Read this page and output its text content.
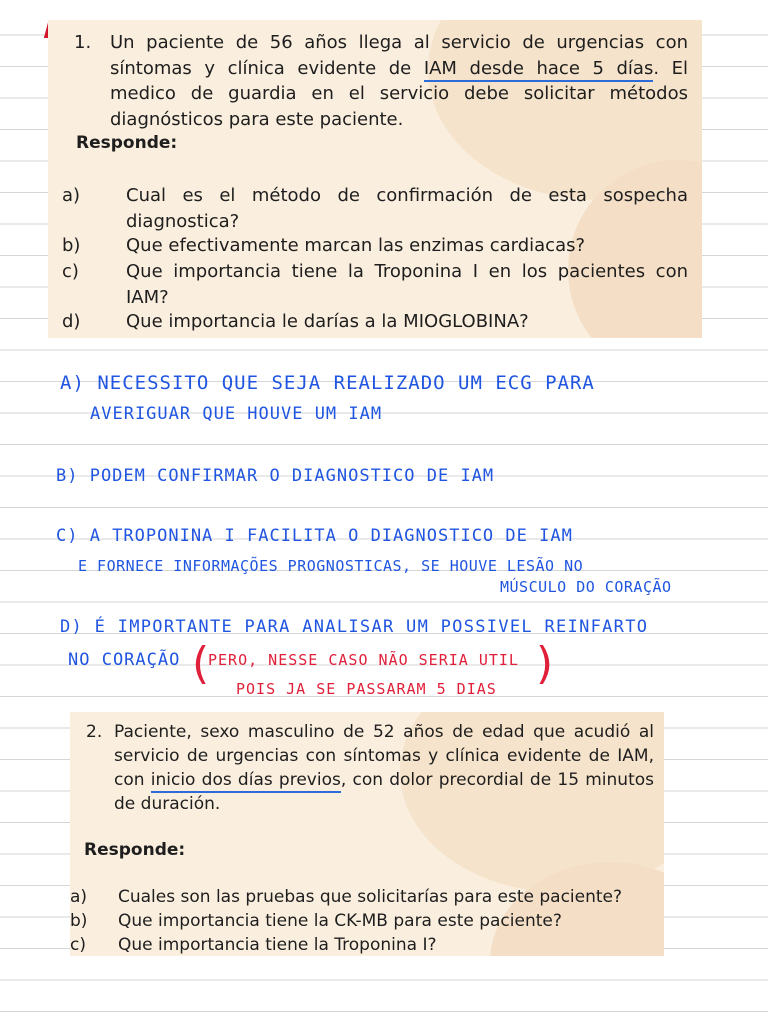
1.	Un paciente de 56 años llega al servicio de urgencias con síntomas y clínica evidente de IAM desde hace 5 días. El medico de guardia en el servicio debe solicitar métodos diagnósticos para este paciente.
Responde:
a)	Cual es el método de confirmación de esta sospecha diagnostica?
b)	Que efectivamente marcan las enzimas cardiacas?
c)	Que importancia tiene la Troponina I en los pacientes con IAM?
d)	Que importancia le darías a la MIOGLOBINA?
A) NECESSITO QUE SEJA REALIZADO UM ECG PARA
AVERIGUAR QUE HOUVE UM IAM
B) PODEM CONFIRMAR O DIAGNOSTICO DE IAM
C) A TROPONINA I FACILITA O DIAGNOSTICO DE IAM
E FORNECE INFORMAÇÕES PROGNOSTICAS, SE HOUVE LESÃO NO
MÚSCULO DO CORAÇÃO
D) É IMPORTANTE PARA ANALISAR UM POSSIVEL REINFARTO
NO CORAÇÃO (
PERO, NESSE CASO NÃO SERIA UTIL
POIS JA SE PASSARAM 5 DIAS (
2. Paciente, sexo masculino de 52 años de edad que acudió al servicio de urgencias con síntomas y clínica evidente de IAM, con inicio dos días previos, con dolor precordial de 15 minutos de duración.
Responde:
a)	Cuales son las pruebas que solicitarías para este paciente?
b)	Que importancia tiene la CK-MB para este paciente?
c)	Que importancia tiene la Troponina I?
